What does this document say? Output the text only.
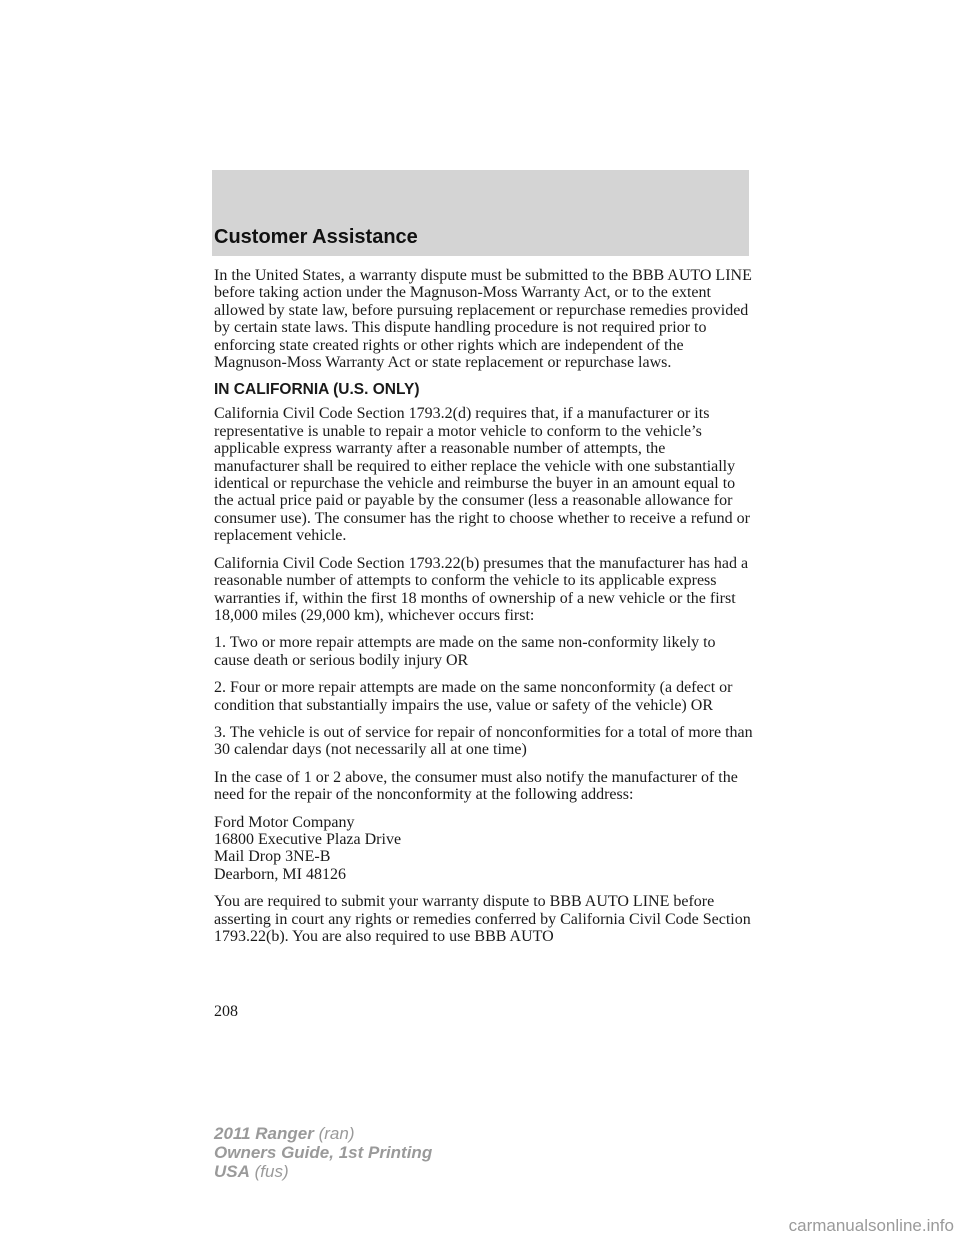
Customer Assistance

In the United States, a warranty dispute must be submitted to the BBB AUTO LINE before taking action under the Magnuson-Moss Warranty Act, or to the extent allowed by state law, before pursuing replacement or repurchase remedies provided by certain state laws. This dispute handling procedure is not required prior to enforcing state created rights or other rights which are independent of the Magnuson-Moss Warranty Act or state replacement or repurchase laws.

IN CALIFORNIA (U.S. ONLY)

California Civil Code Section 1793.2(d) requires that, if a manufacturer or its representative is unable to repair a motor vehicle to conform to the vehicle’s applicable express warranty after a reasonable number of attempts, the manufacturer shall be required to either replace the vehicle with one substantially identical or repurchase the vehicle and reimburse the buyer in an amount equal to the actual price paid or payable by the consumer (less a reasonable allowance for consumer use). The consumer has the right to choose whether to receive a refund or replacement vehicle.

California Civil Code Section 1793.22(b) presumes that the manufacturer has had a reasonable number of attempts to conform the vehicle to its applicable express warranties if, within the first 18 months of ownership of a new vehicle or the first 18,000 miles (29,000 km), whichever occurs first:

1. Two or more repair attempts are made on the same non-conformity likely to cause death or serious bodily injury OR

2. Four or more repair attempts are made on the same nonconformity (a defect or condition that substantially impairs the use, value or safety of the vehicle) OR

3. The vehicle is out of service for repair of nonconformities for a total of more than 30 calendar days (not necessarily all at one time)

In the case of 1 or 2 above, the consumer must also notify the manufacturer of the need for the repair of the nonconformity at the following address:

Ford Motor Company
16800 Executive Plaza Drive
Mail Drop 3NE-B
Dearborn, MI 48126

You are required to submit your warranty dispute to BBB AUTO LINE before asserting in court any rights or remedies conferred by California Civil Code Section 1793.22(b). You are also required to use BBB AUTO

208
2011 Ranger (ran)
Owners Guide, 1st Printing
USA (fus)
carmanualsonline.info
